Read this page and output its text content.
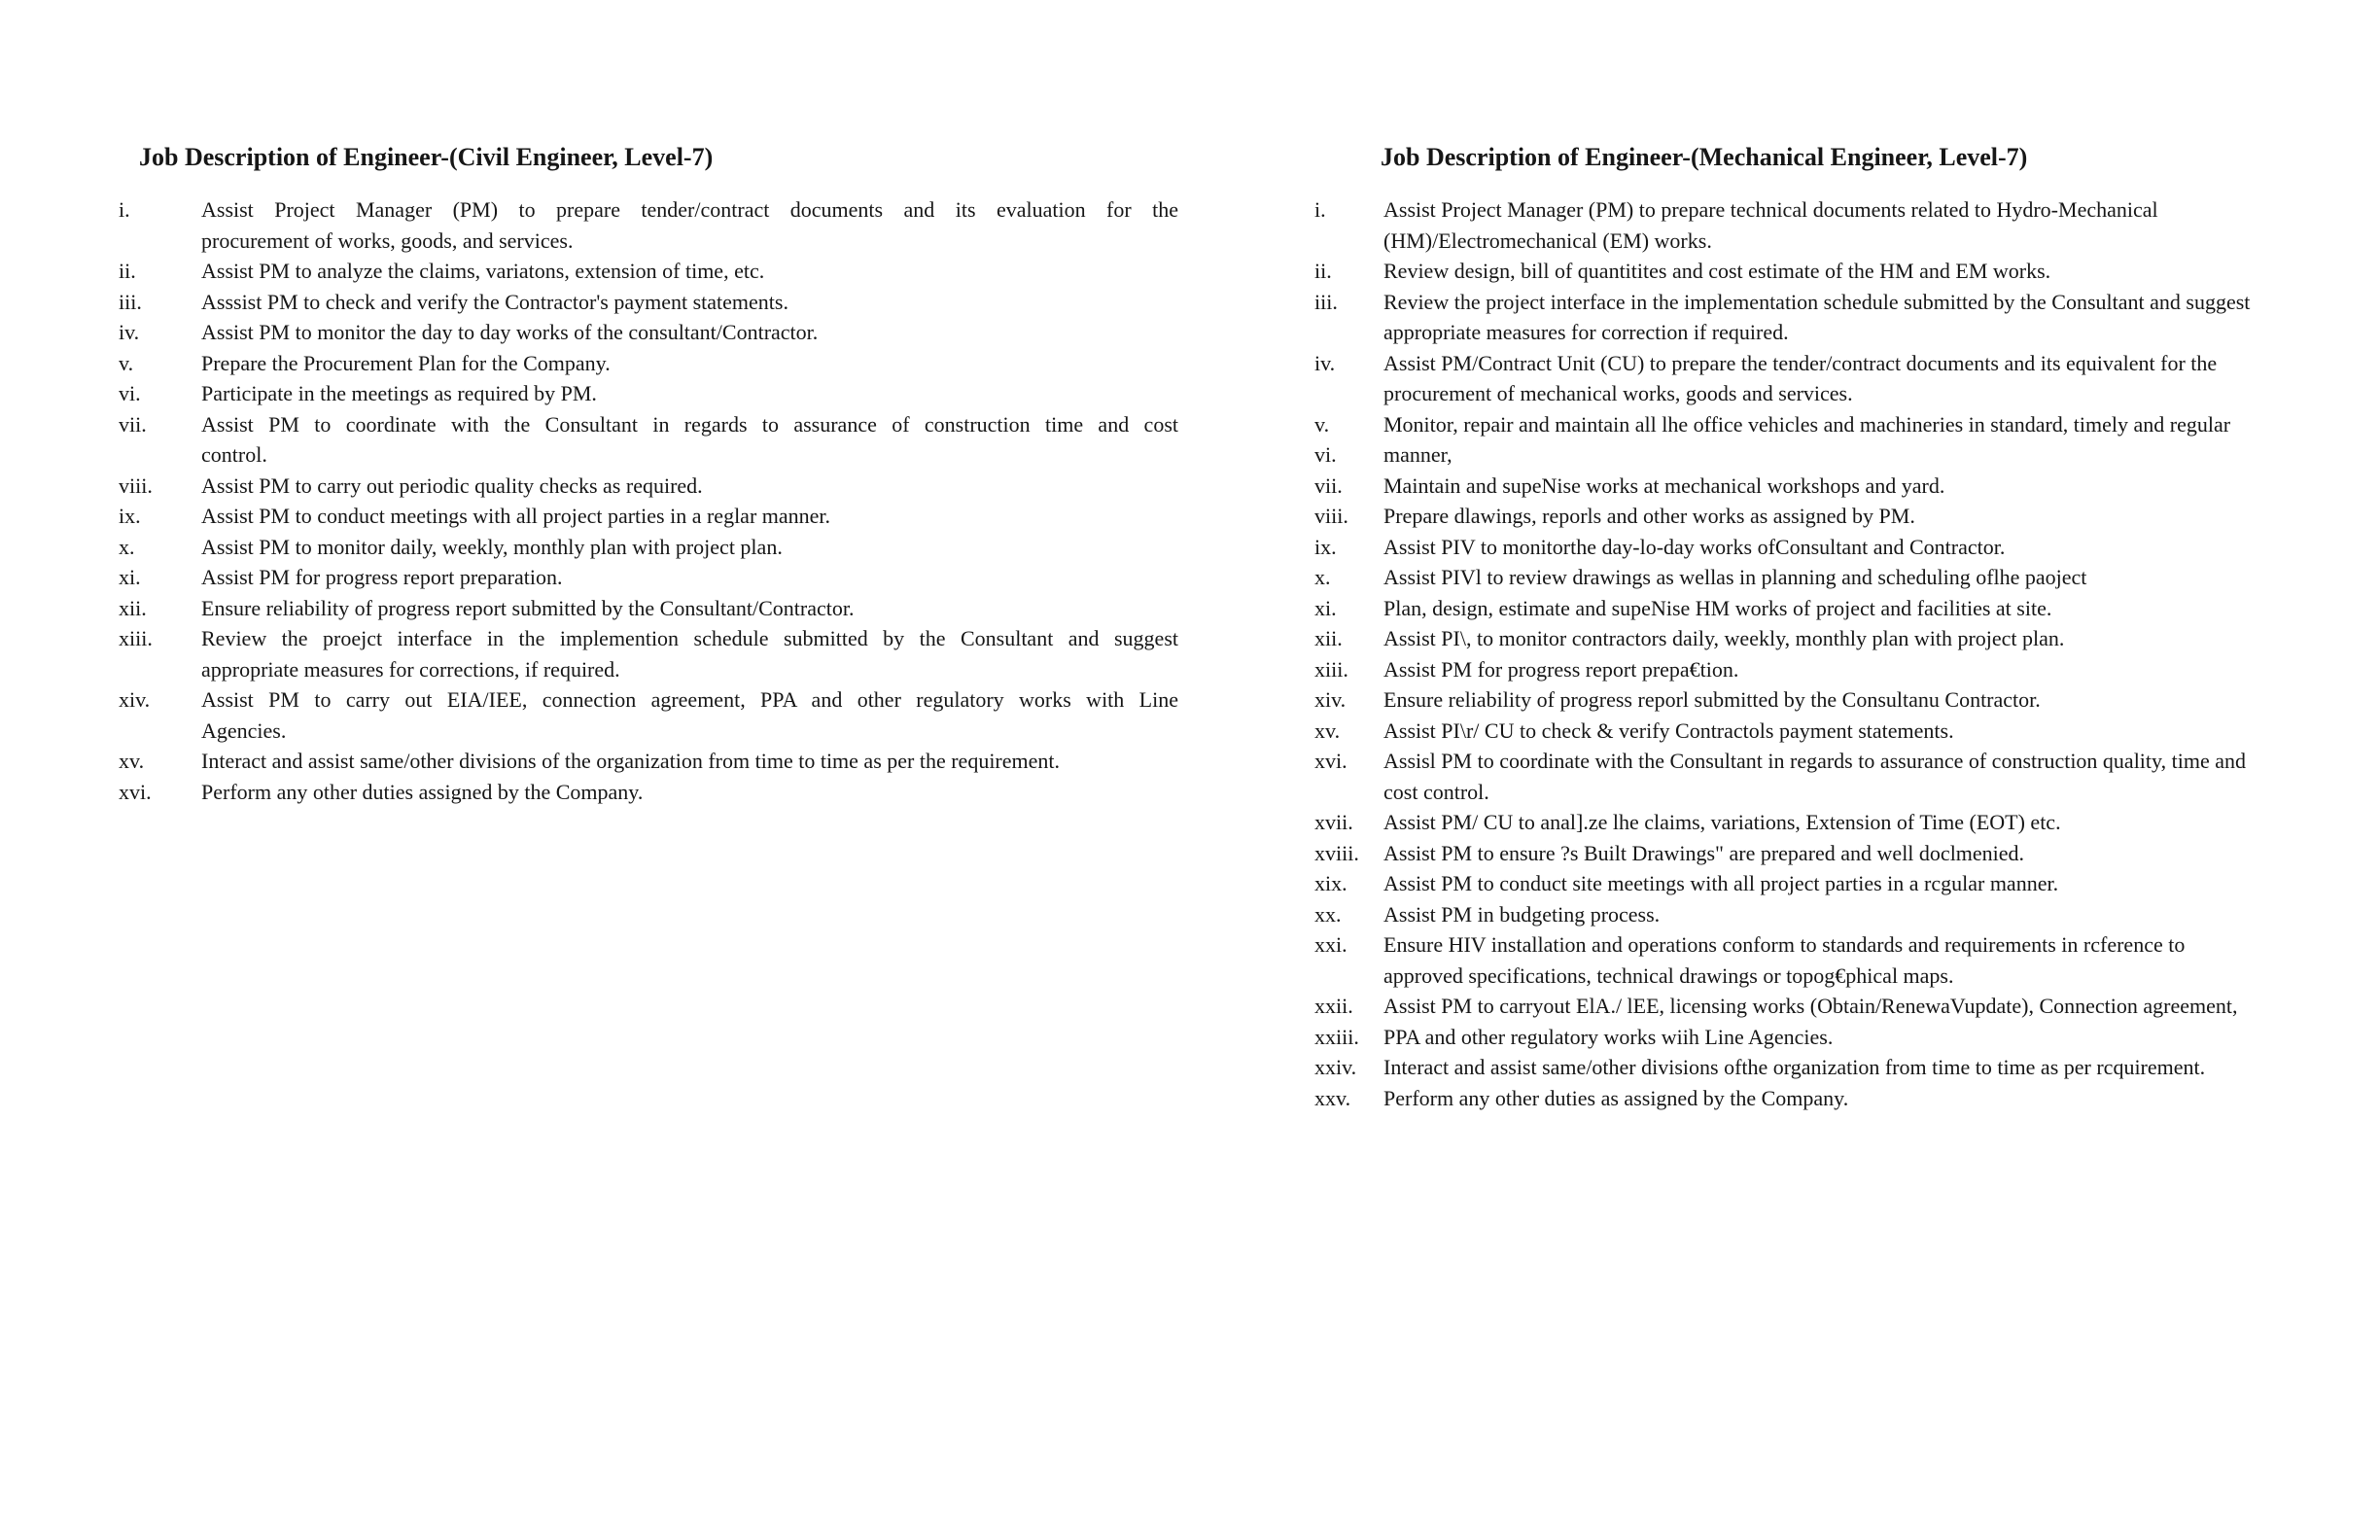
Job Description of Engineer-(Civil Engineer, Level-7)
i.	Assist Project Manager (PM) to prepare tender/contract documents and its evaluation for the
procurement of works, goods, and services.
ii.	Assist PM to analyze the claims, variatons, extension of time, etc.
iii.	Asssist PM to check and verify the Contractor's payment statements.
iv.	Assist PM to monitor the day to day works of the consultant/Contractor.
v.	Prepare the Procurement Plan for the Company.
vi.	Participate in the meetings as required by PM.
vii.	Assist PM to coordinate with the Consultant in regards to assurance of construction time and cost
control.
viii.	Assist PM to carry out periodic quality checks as required.
ix.	Assist PM to conduct meetings with all project parties in a reglar manner.
x.	Assist PM to monitor daily, weekly, monthly plan with project plan.
xi.	Assist PM for progress report preparation.
xii.	Ensure reliability of progress report submitted by the Consultant/Contractor.
xiii.	Review the proejct interface in the implemention schedule submitted by the Consultant and suggest
appropriate measures for corrections, if required.
xiv.	Assist PM to carry out EIA/IEE, connection agreement, PPA and other regulatory works with Line
Agencies.
xv.	Interact and assist same/other divisions of the organization from time to time as per the requirement.
xvi.	Perform any other duties assigned by the Company.
Job Description of Engineer-(Mechanical Engineer, Level-7)
i.	Assist Project Manager (PM) to prepare technical documents related to Hydro-Mechanical
(HM)/Electromechanical (EM) works.
ii.	Review design, bill of quantitites and cost estimate of the HM and EM works.
iii.	Review the project interface in the implementation schedule submitted by the Consultant and suggest
appropriate measures for correction if required.
iv.	Assist PM/Contract Unit (CU) to prepare the tender/contract documents and its equivalent for the
procurement of mechanical works, goods and services.
v.	Monitor, repair and maintain all lhe office vehicles and machineries in standard, timely and regular
vi.	manner,
vii.	Maintain and supeNise works at mechanical workshops and yard.
viii.	Prepare dlawings, reporls and other works as assigned by PM.
ix.	Assist PIV to monitorthe day-lo-day works ofConsultant and Contractor.
x.	Assist PIVl to review drawings as wellas in planning and scheduling oflhe paoject
xi.	Plan, design, estimate and supeNise HM works of project and facilities at site.
xii.	Assist PI\, to monitor contractors daily, weekly, monthly plan with project plan.
xiii.	Assist PM for progress report prepa€tion.
xiv.	Ensure reliability of progress reporl submitted by the Consultanu Contractor.
xv.	Assist PI\r/ CU to check & verify Contractols payment statements.
xvi.	Assisl PM to coordinate with the Consultant in regards to assurance of construction quality, time and
cost control.
xvii.	Assist PM/ CU to anal].ze lhe claims, variations, Extension of Time (EOT) etc.
xviii.	Assist PM to ensure ?s Built Drawings" are prepared and well doclmenied.
xix.	Assist PM to conduct site meetings with all project parties in a rcgular manner.
xx.	Assist PM in budgeting process.
xxi.	Ensure HIV installation and operations conform to standards and requirements in rcference to
approved specifications, technical drawings or topog€phical maps.
xxii.	Assist PM to carryout ElA./ lEE, licensing works (Obtain/RenewaVupdate), Connection agreement,
xxiii.	PPA and other regulatory works wiih Line Agencies.
xxiv.	Interact and assist same/other divisions ofthe organization from time to time as per rcquirement.
xxv.	Perform any other duties as assigned by the Company.
